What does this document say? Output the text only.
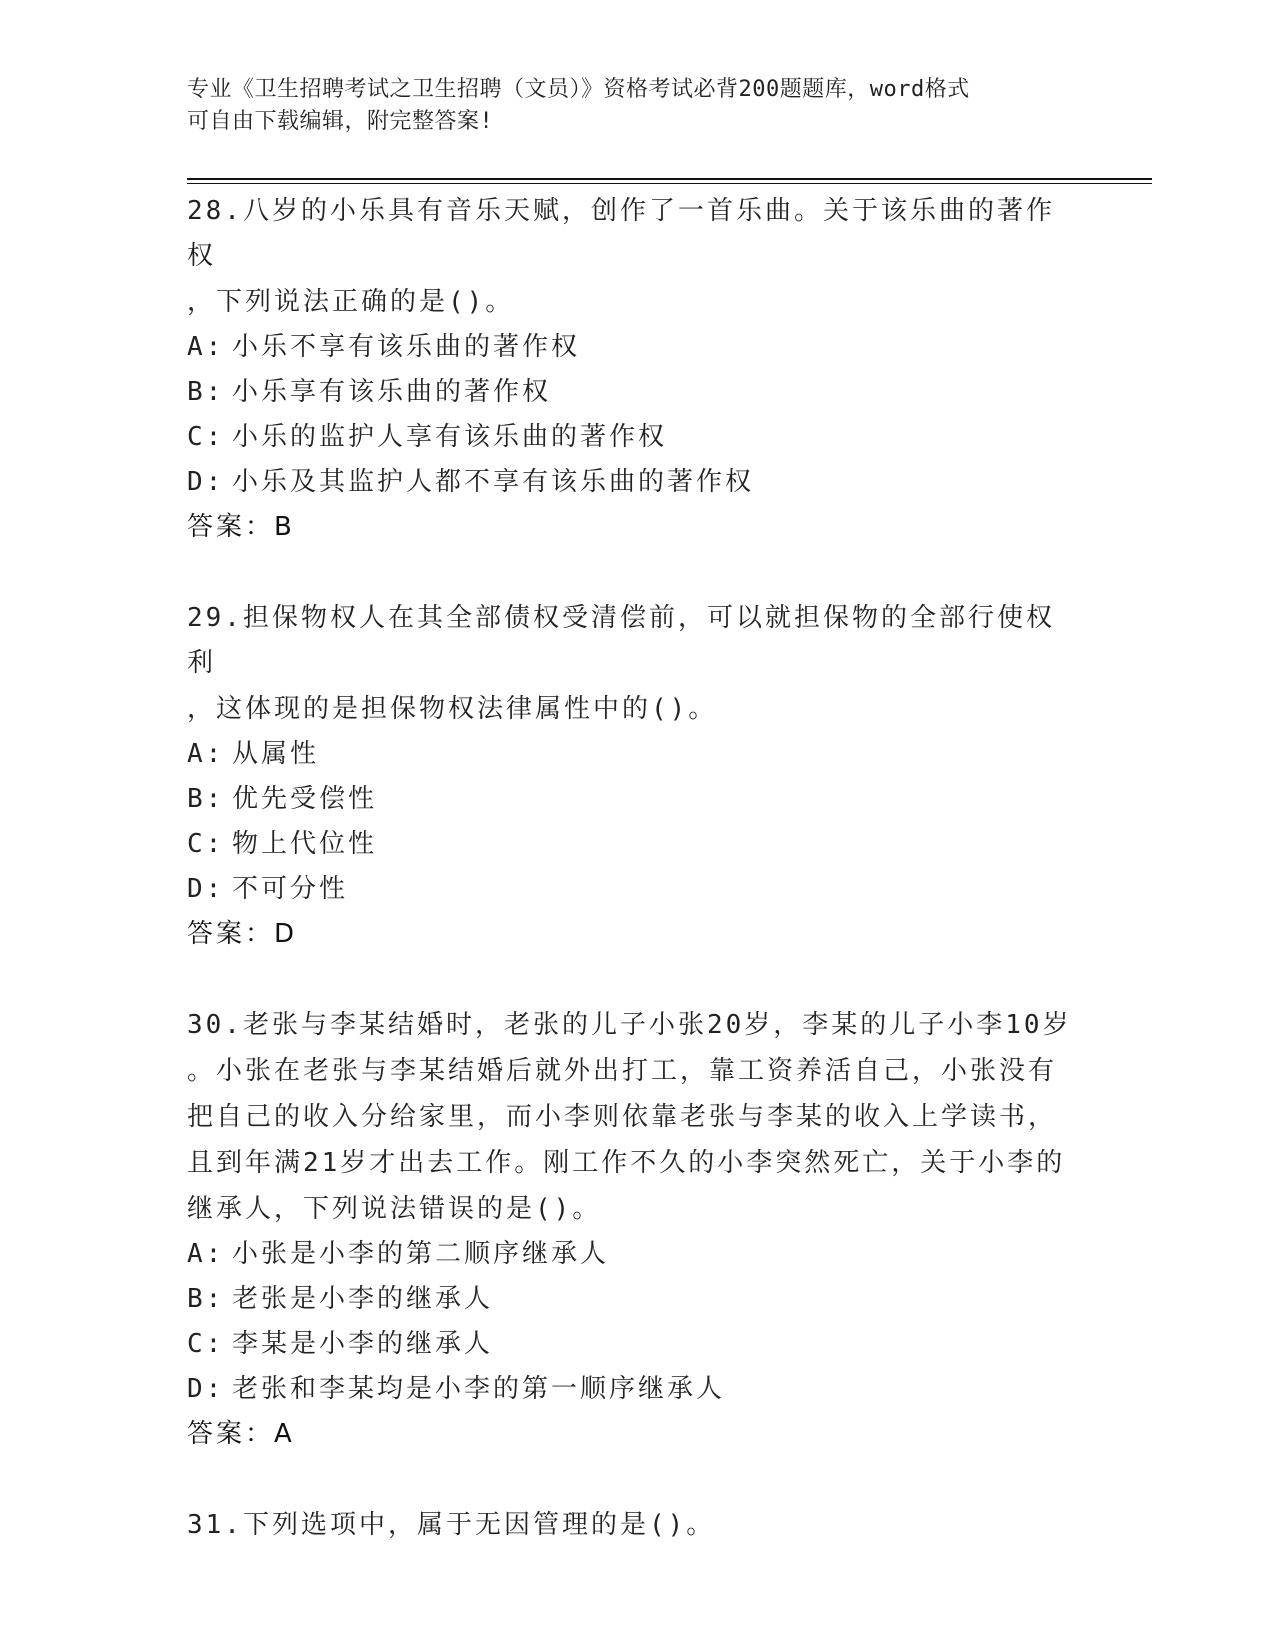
专业《卫生招聘考试之卫生招聘（文员）》资格考试必背200题题库，word格式
可自由下载编辑，附完整答案!

28.八岁的小乐具有音乐天赋，创作了一首乐曲。关于该乐曲的著作权

，下列说法正确的是()。

A: 小乐不享有该乐曲的著作权

B: 小乐享有该乐曲的著作权

C: 小乐的监护人享有该乐曲的著作权

D: 小乐及其监护人都不享有该乐曲的著作权

答案：B

29.担保物权人在其全部债权受清偿前，可以就担保物的全部行使权利

，这体现的是担保物权法律属性中的()。

A: 从属性

B: 优先受偿性

C: 物上代位性

D: 不可分性

答案：D

30.老张与李某结婚时，老张的儿子小张20岁，李某的儿子小李10岁

。小张在老张与李某结婚后就外出打工，靠工资养活自己，小张没有

把自己的收入分给家里，而小李则依靠老张与李某的收入上学读书，

且到年满21岁才出去工作。刚工作不久的小李突然死亡，关于小李的

继承人，下列说法错误的是()。

A: 小张是小李的第二顺序继承人

B: 老张是小李的继承人

C: 李某是小李的继承人

D: 老张和李某均是小李的第一顺序继承人

答案：A

31.下列选项中，属于无因管理的是()。
